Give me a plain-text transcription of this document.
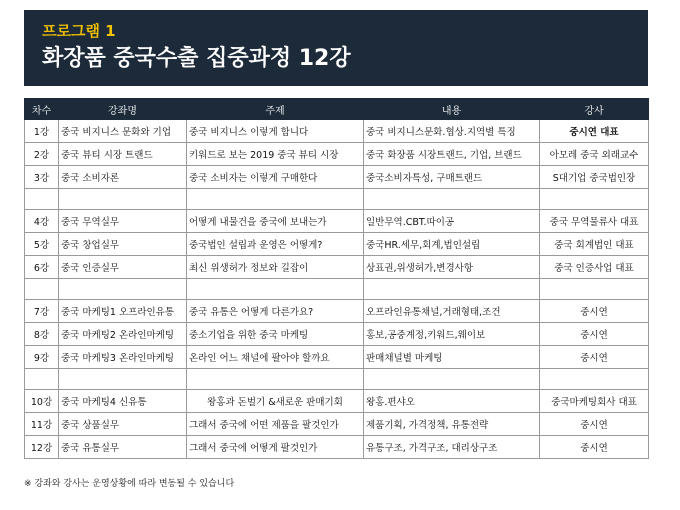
프로그램 1
화장품 중국수출 집중과정 12강
차수	강좌명	주제	내용	강사
1강	중국 비지니스 문화와 기업	중국 비지니스 이렇게 합니다	중국 비지니스문화.협상.지역별 특징	중시연 대표
2강	중국 뷰티 시장 트랜드	키워드로 보는 2019 중국 뷰티 시장	중국 화장품 시장트랜드, 기업, 브랜드	아모레 중국 외래교수
3강	중국 소비자론	중국 소비자는 이렇게 구매한다	중국소비자특성, 구매트랜드	S대기업 중국법인장

4강	중국 무역실무	어떻게 내물건을 중국에 보내는가	일반무역.CBT.따이공	중국 무역물류사 대표
5강	중국 창업실무	중국법인 설립과 운영은 어떻게?	중국HR.세무,회계,법인설립	중국 회계법인 대표
6강	중국 인증실무	최신 위생허가 정보와 길잡이	상표권,위생허가,변경사항	중국 인증사업 대표

7강	중국 마케팅1 오프라인유통	중국 유통은 어떻게 다른가요?	오프라인유통채널,거래형태,조건	중시연
8강	중국 마케팅2 온라인마케팅	중소기업을 위한 중국 마케팅	홍보,공중계정,키워드,웨이보	중시연
9강	중국 마케팅3 온라인마케팅	온라인 어느 채널에 팔아야 할까요	판매채널별 마케팅	중시연

10강	중국 마케팅4 신유통	왕홍과 돈벌기 &새로운 판매기회	왕홍.편샤오	중국마케팅회사 대표
11강	중국 상품실무	그래서 중국에 어떤 제품을 팔것인가	제품기획, 가격정책, 유통전략	중시연
12강	중국 유통실무	그래서 중국에 어떻게 팔것인가	유통구조, 가격구조, 대리상구조	중시연
※ 강좌와 강사는 운영상황에 따라 변동될 수 있습니다
